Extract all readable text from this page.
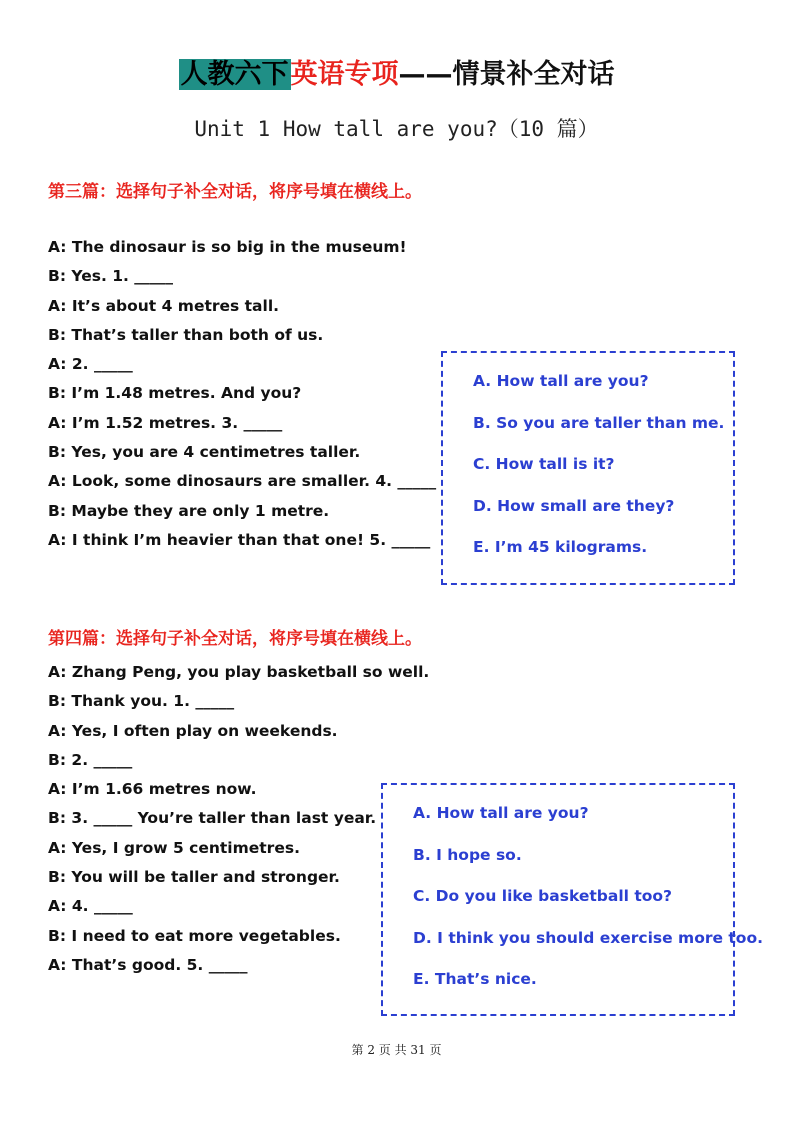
人教六下英语专项——情景补全对话
Unit 1 How tall are you?（10 篇）
第三篇：选择句子补全对话，将序号填在横线上。
A: The dinosaur is so big in the museum!
B: Yes. 1. _____
A: It’s about 4 metres tall.
B: That’s taller than both of us.
A: 2. _____
B: I’m 1.48 metres. And you?
A: I’m 1.52 metres. 3. _____
B: Yes, you are 4 centimetres taller.
A: Look, some dinosaurs are smaller. 4. _____
B: Maybe they are only 1 metre.
A: I think I’m heavier than that one! 5. _____
A. How tall are you?
B. So you are taller than me.
C. How tall is it?
D. How small are they?
E. I’m 45 kilograms.
第四篇：选择句子补全对话，将序号填在横线上。
A: Zhang Peng, you play basketball so well.
B: Thank you. 1. _____
A: Yes, I often play on weekends.
B: 2. _____
A: I’m 1.66 metres now.
B: 3. _____ You’re taller than last year.
A: Yes, I grow 5 centimetres.
B: You will be taller and stronger.
A: 4. _____
B: I need to eat more vegetables.
A: That’s good. 5. _____
A. How tall are you?
B. I hope so.
C. Do you like basketball too?
D. I think you should exercise more too.
E. That’s nice.
第 2 页 共 31 页
